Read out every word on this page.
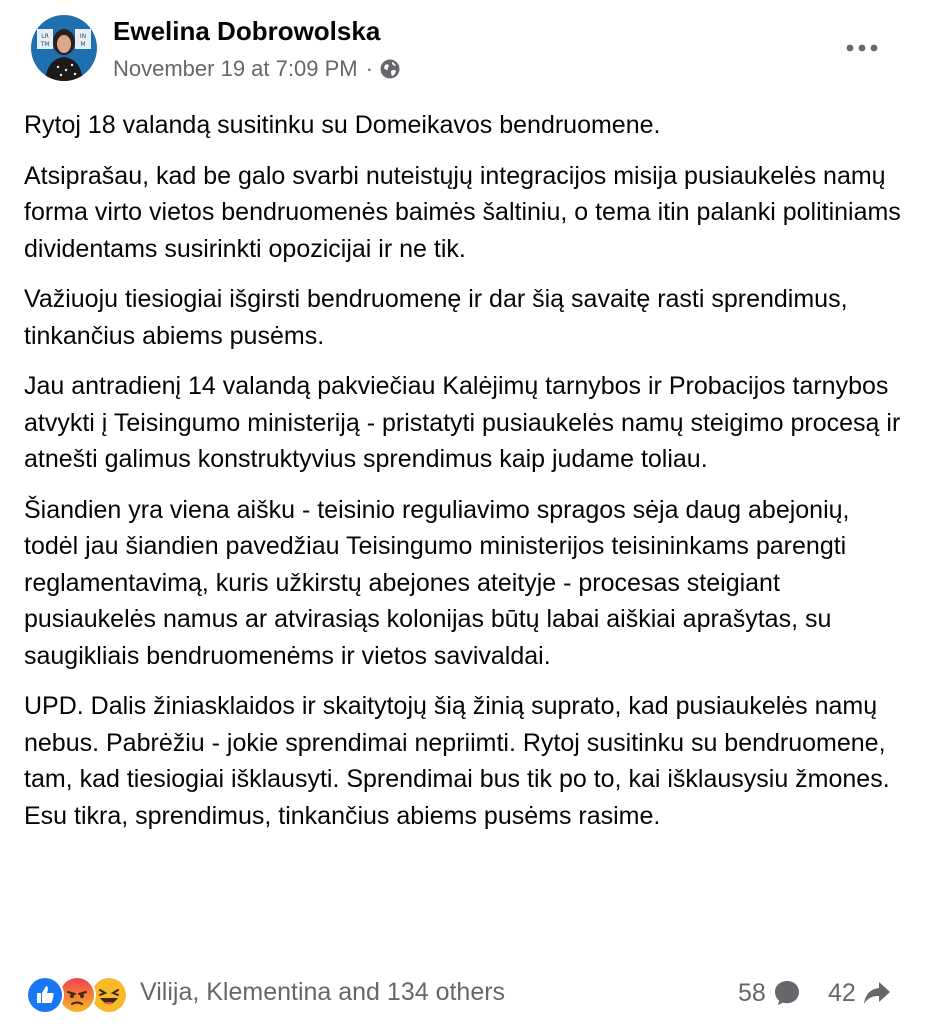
LR
TM
IN
M Ewelina Dobrowolska
November 19 at 7:09 PM ·

Rytoj 18 valandą susitinku su Domeikavos bendruomene.

Atsiprašau, kad be galo svarbi nuteistųjų integracijos misija pusiaukelės namų forma virto vietos bendruomenės baimės šaltiniu, o tema itin palanki politiniams dividentams susirinkti opozicijai ir ne tik.

Važiuoju tiesiogiai išgirsti bendruomenę ir dar šią savaitę rasti sprendimus, tinkančius abiems pusėms.

Jau antradienį 14 valandą pakviečiau Kalėjimų tarnybos ir Probacijos tarnybos atvykti į Teisingumo ministeriją - pristatyti pusiaukelės namų steigimo procesą ir atnešti galimus konstruktyvius sprendimus kaip judame toliau.

Šiandien yra viena aišku - teisinio reguliavimo spragos sėja daug abejonių, todėl jau šiandien pavedžiau Teisingumo ministerijos teisininkams parengti reglamentavimą, kuris užkirstų abejones ateityje - procesas steigiant pusiaukelės namus ar atvirasiąs kolonijas būtų labai aiškiai aprašytas, su saugikliais bendruomenėms ir vietos savivaldai.

UPD. Dalis žiniasklaidos ir skaitytojų šią žinią suprato, kad pusiaukelės namų nebus. Pabrėžiu - jokie sprendimai nepriimti. Rytoj susitinku su bendruomene, tam, kad tiesiogiai išklausyti. Sprendimai bus tik po to, kai išklausysiu žmones. Esu tikra, sprendimus, tinkančius abiems pusėms rasime.

Vilija, Klementina and 134 others	58 42
